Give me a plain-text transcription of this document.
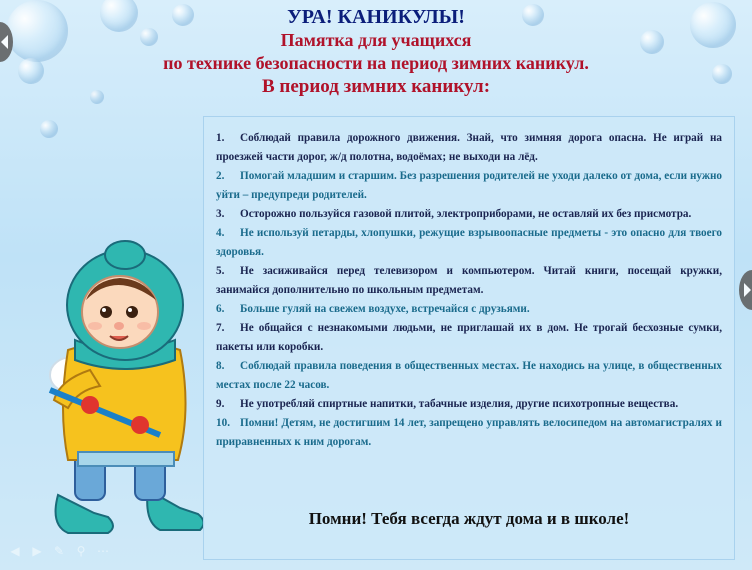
УРА! КАНИКУЛЫ!
Памятка для учащихся
по технике безопасности на период зимних каникул.
В период зимних каникул:
1. Соблюдай правила дорожного движения. Знай, что зимняя дорога опасна. Не играй на проезжей части дорог, ж/д полотна, водоёмах; не выходи на лёд.
2. Помогай младшим и старшим. Без разрешения родителей не уходи далеко от дома, если нужно уйти – предупреди родителей.
3. Осторожно пользуйся газовой плитой, электроприборами, не оставляй их без присмотра.
4. Не используй петарды, хлопушки, режущие взрывоопасные предметы - это опасно для твоего здоровья.
5. Не засиживайся перед телевизором и компьютером. Читай книги, посещай кружки, занимайся дополнительно по школьным предметам.
6. Больше гуляй на свежем воздухе, встречайся с друзьями.
7. Не общайся с незнакомыми людьми, не приглашай их в дом. Не трогай бесхозные сумки, пакеты или коробки.
8. Соблюдай правила поведения в общественных местах. Не находись на улице, в общественных местах после 22 часов.
9. Не употребляй спиртные напитки, табачные изделия, другие психотропные вещества.
10. Помни! Детям, не достигшим 14 лет, запрещено управлять велосипедом на автомагистралях и приравненных к ним дорогам.
Помни! Тебя всегда ждут дома и в школе!
◀ ▶ ✎ ⚲ ⋯
